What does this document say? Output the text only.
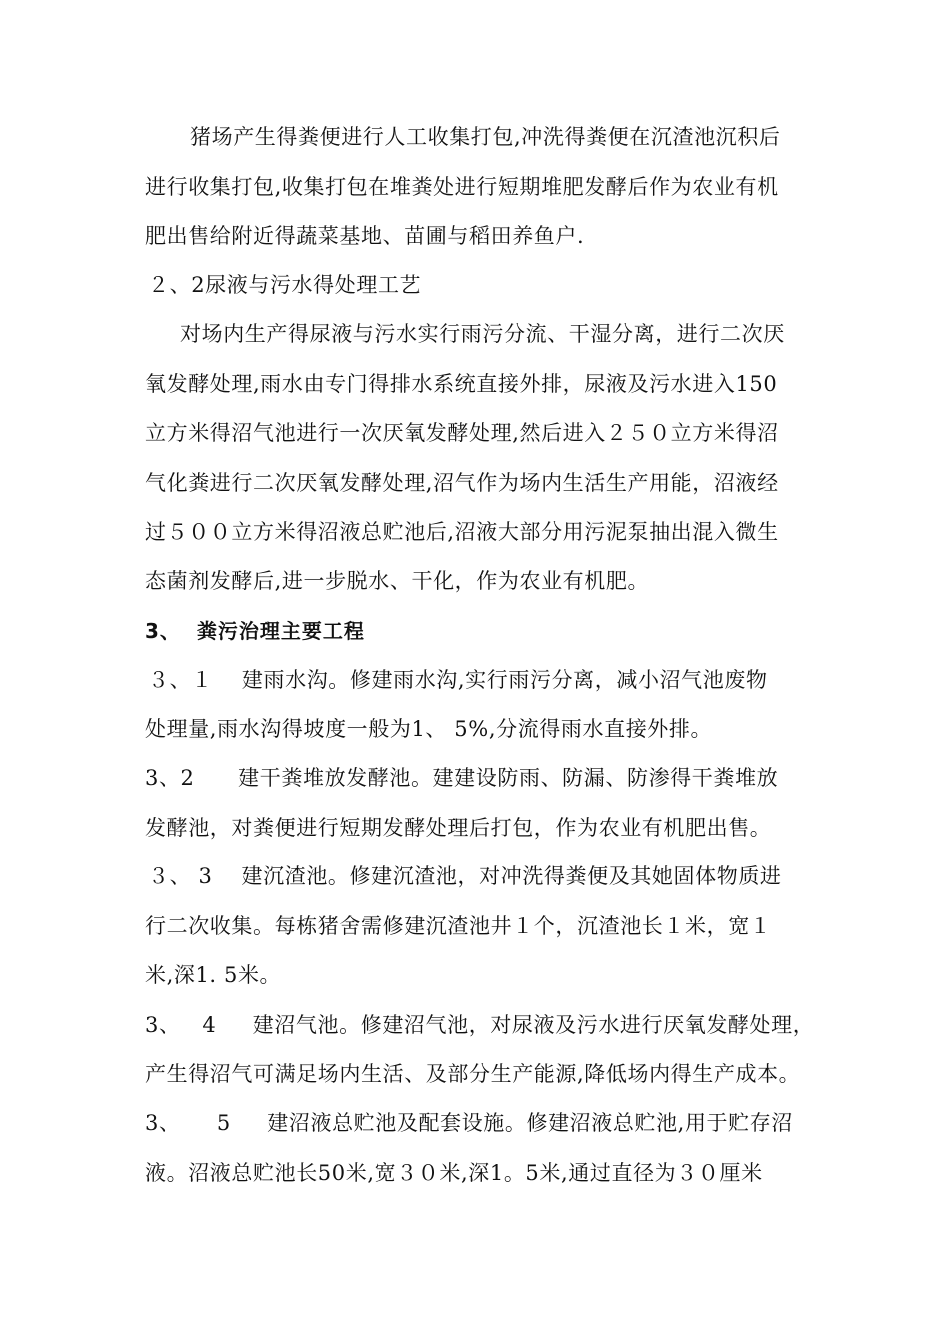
猪场产生得粪便进行人工收集打包,冲洗得粪便在沉渣池沉积后
进行收集打包,收集打包在堆粪处进行短期堆肥发酵后作为农业有机
肥出售给附近得蔬菜基地、苗圃与稻田养鱼户.
２、2尿液与污水得处理工艺
对场内生产得尿液与污水实行雨污分流、干湿分离，进行二次厌
氧发酵处理,雨水由专门得排水系统直接外排，尿液及污水进入150
立方米得沼气池进行一次厌氧发酵处理,然后进入２５０立方米得沼
气化粪进行二次厌氧发酵处理,沼气作为场内生活生产用能，沼液经
过５００立方米得沼液总贮池后,沼液大部分用污泥泵抽出混入微生
态菌剂发酵后,进一步脱水、干化，作为农业有机肥。
3、  粪污治理主要工程
３、１    建雨水沟。修建雨水沟,实行雨污分离，减小沼气池废物
处理量,雨水沟得坡度一般为1、 5%,分流得雨水直接外排。
3、2      建干粪堆放发酵池。建建设防雨、防漏、防渗得干粪堆放
发酵池，对粪便进行短期发酵处理后打包，作为农业有机肥出售。
３、 3    建沉渣池。修建沉渣池，对冲洗得粪便及其她固体物质进
行二次收集。每栋猪舍需修建沉渣池井１个，沉渣池长１米，宽１
米,深1. 5米。
3、   4     建沼气池。修建沼气池，对尿液及污水进行厌氧发酵处理，
产生得沼气可满足场内生活、及部分生产能源,降低场内得生产成本。
3、     5     建沼液总贮池及配套设施。修建沼液总贮池,用于贮存沼
液。沼液总贮池长50米,宽３０米,深1。5米,通过直径为３０厘米
